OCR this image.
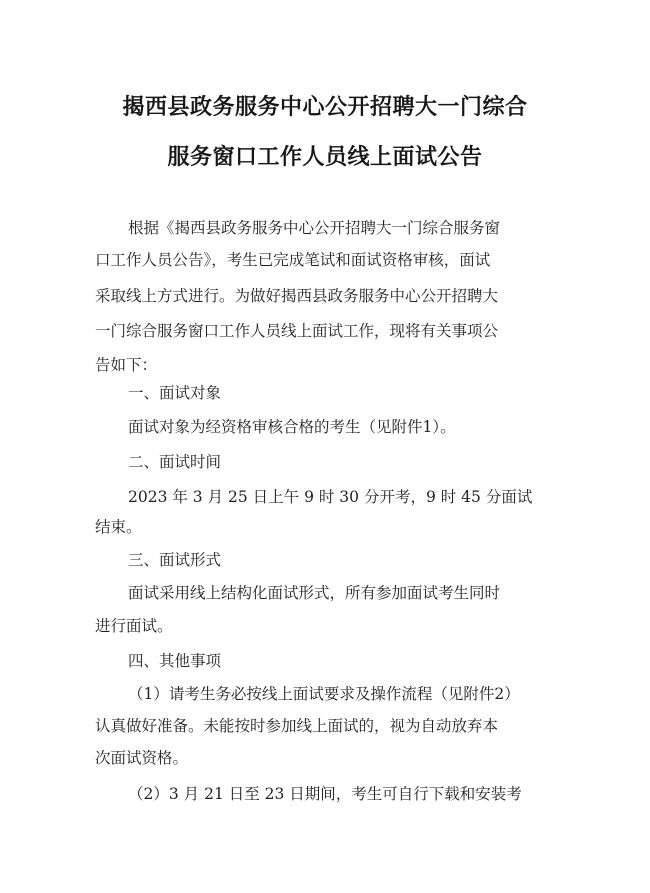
揭西县政务服务中心公开招聘大一门综合
服务窗口工作人员线上面试公告
根据《揭西县政务服务中心公开招聘大一门综合服务窗
口工作人员公告》，考生已完成笔试和面试资格审核，面试
采取线上方式进行。为做好揭西县政务服务中心公开招聘大
一门综合服务窗口工作人员线上面试工作，现将有关事项公
告如下：
一、面试对象
面试对象为经资格审核合格的考生（见附件1）。
二、面试时间
2023 年 3 月 25 日上午 9 时 30 分开考，9 时 45 分面试
结束。
三、面试形式
面试采用线上结构化面试形式，所有参加面试考生同时
进行面试。
四、其他事项
（1）请考生务必按线上面试要求及操作流程（见附件2）
认真做好准备。未能按时参加线上面试的，视为自动放弃本
次面试资格。
（2）3 月 21 日至 23 日期间，考生可自行下载和安装考
